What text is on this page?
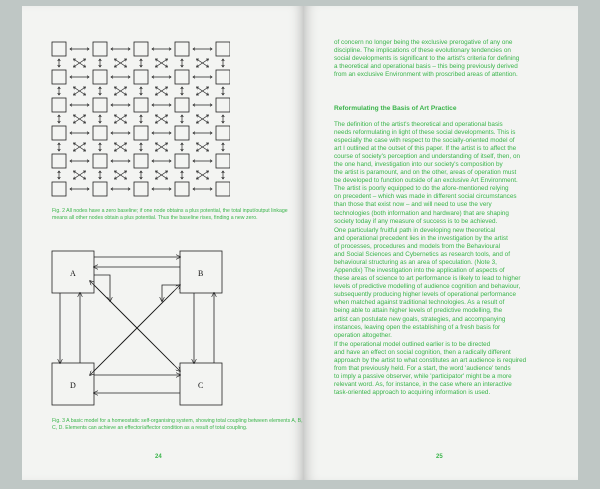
Fig. 2 All nodes have a zero baseline; if one node obtains a plus potential, the total input/output linkage means all other nodes obtain a plus potential. Thus the baseline rises, finding a new zero.
A	B
D	C
Fig. 3 A basic model for a homeostatic self-organising system, showing total coupling between elements A, B, C, D. Elements can achieve an effector/affector condition as a result of total coupling.
24

of concern no longer being the exclusive prerogative of any one
discipline. The implications of these evolutionary tendencies on
social developments is significant to the artist's criteria for defining
a theoretical and operational basis – this being previously derived
from an exclusive Environment with proscribed areas of attention.

Reformulating the Basis of Art Practice

The definition of the artist's theoretical and operational basis
needs reformulating in light of these social developments. This is
especially the case with respect to the socially-oriented model of
art I outlined at the outset of this paper. If the artist is to affect the
course of society's perception and understanding of itself, then, on
the one hand, investigation into our society's composition by
the artist is paramount, and on the other, areas of operation must
be developed to function outside of an exclusive Art Environment.
The artist is poorly equipped to do the afore-mentioned relying
on precedent – which was made in different social circumstances
than those that exist now – and will need to use the very
technologies (both information and hardware) that are shaping
society today if any measure of success is to be achieved.

One particularly fruitful path in developing new theoretical
and operational precedent lies in the investigation by the artist
of processes, procedures and models from the Behavioural
and Social Sciences and Cybernetics as research tools, and of
behavioural structuring as an area of speculation. (Note 3,
Appendix) The investigation into the application of aspects of
these areas of science to art performance is likely to lead to higher
levels of predictive modelling of audience cognition and behaviour,
subsequently producing higher levels of operational performance
when matched against traditional technologies. As a result of
being able to attain higher levels of predictive modelling, the
artist can postulate new goals, strategies, and accompanying
instances, leaving open the establishing of a fresh basis for
operation altogether.

If the operational model outlined earlier is to be directed
and have an effect on social cognition, then a radically different
approach by the artist to what constitutes an art audience is required
from that previously held. For a start, the word 'audience' tends
to imply a passive observer, while 'participator' might be a more
relevant word. As, for instance, in the case where an interactive
task-oriented approach to acquiring information is used.

25
